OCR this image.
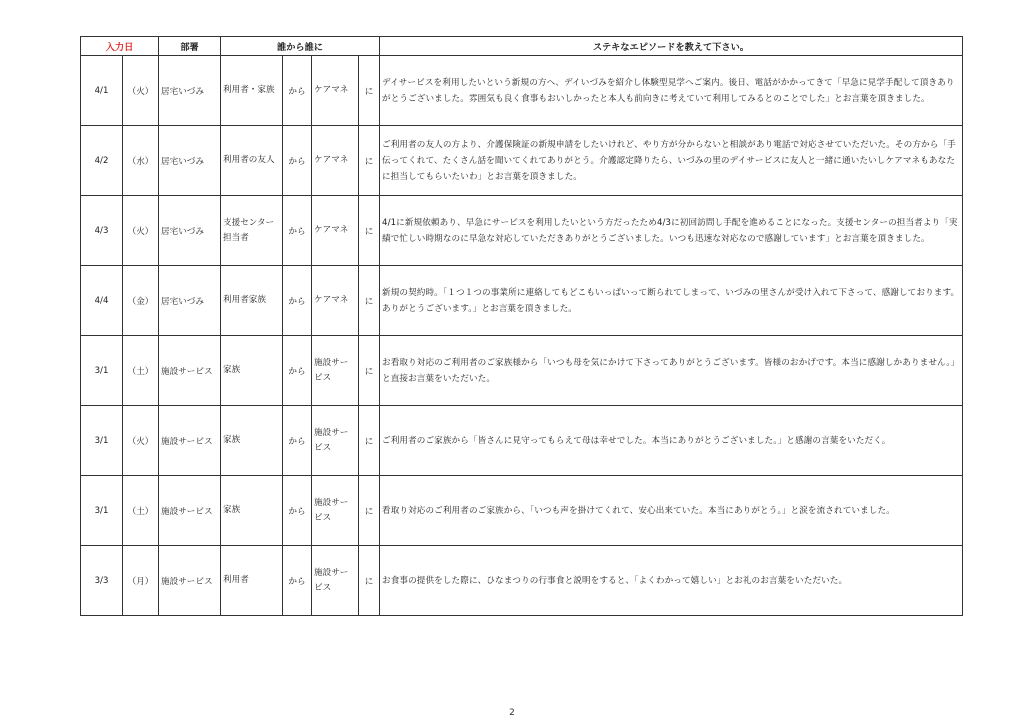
入力日		部署	誰から誰に				ステキなエピソードを教えて下さい。
4/1	（火）	居宅いづみ	利用者・家族	から	ケアマネ	に	デイサービスを利用したいという新規の方へ、デイいづみを紹介し体験型見学へご案内。後日、電話がかかってきて「早急に見学手配して頂きありがとうございました。雰囲気も良く食事もおいしかったと本人も前向きに考えていて利用してみるとのことでした」とお言葉を頂きました。
4/2	（水）	居宅いづみ	利用者の友人	から	ケアマネ	に	ご利用者の友人の方より、介護保険証の新規申請をしたいけれど、やり方が分からないと相談があり電話で対応させていただいた。その方から「手伝ってくれて、たくさん話を聞いてくれてありがとう。介護認定降りたら、いづみの里のデイサービスに友人と一緒に通いたいしケアマネもあなたに担当してもらいたいわ」とお言葉を頂きました。
4/3	（火）	居宅いづみ	支援センター担当者	から	ケアマネ	に	4/1に新規依頼あり、早急にサービスを利用したいという方だったため4/3に初回訪問し手配を進めることになった。支援センターの担当者より「実績で忙しい時期なのに早急な対応していただきありがとうございました。いつも迅速な対応なので感謝しています」とお言葉を頂きました。
4/4	（金）	居宅いづみ	利用者家族	から	ケアマネ	に	新規の契約時。「１つ１つの事業所に連絡してもどこもいっぱいって断られてしまって、いづみの里さんが受け入れて下さって、感謝しております。ありがとうございます。」とお言葉を頂きました。
3/1	（土）	施設サービス	家族	から	施設サービス	に	お看取り対応のご利用者のご家族様から「いつも母を気にかけて下さってありがとうございます。皆様のおかげです。本当に感謝しかありません。」と直接お言葉をいただいた。
3/1	（火）	施設サービス	家族	から	施設サービス	に	ご利用者のご家族から「皆さんに見守ってもらえて母は幸せでした。本当にありがとうございました。」と感謝の言葉をいただく。
3/1	（土）	施設サービス	家族	から	施設サービス	に	看取り対応のご利用者のご家族から、「いつも声を掛けてくれて、安心出来ていた。本当にありがとう。」と涙を流されていました。
3/3	（月）	施設サービス	利用者	から	施設サービス	に	お食事の提供をした際に、ひなまつりの行事食と説明をすると、「よくわかって嬉しい」とお礼のお言葉をいただいた。
2
